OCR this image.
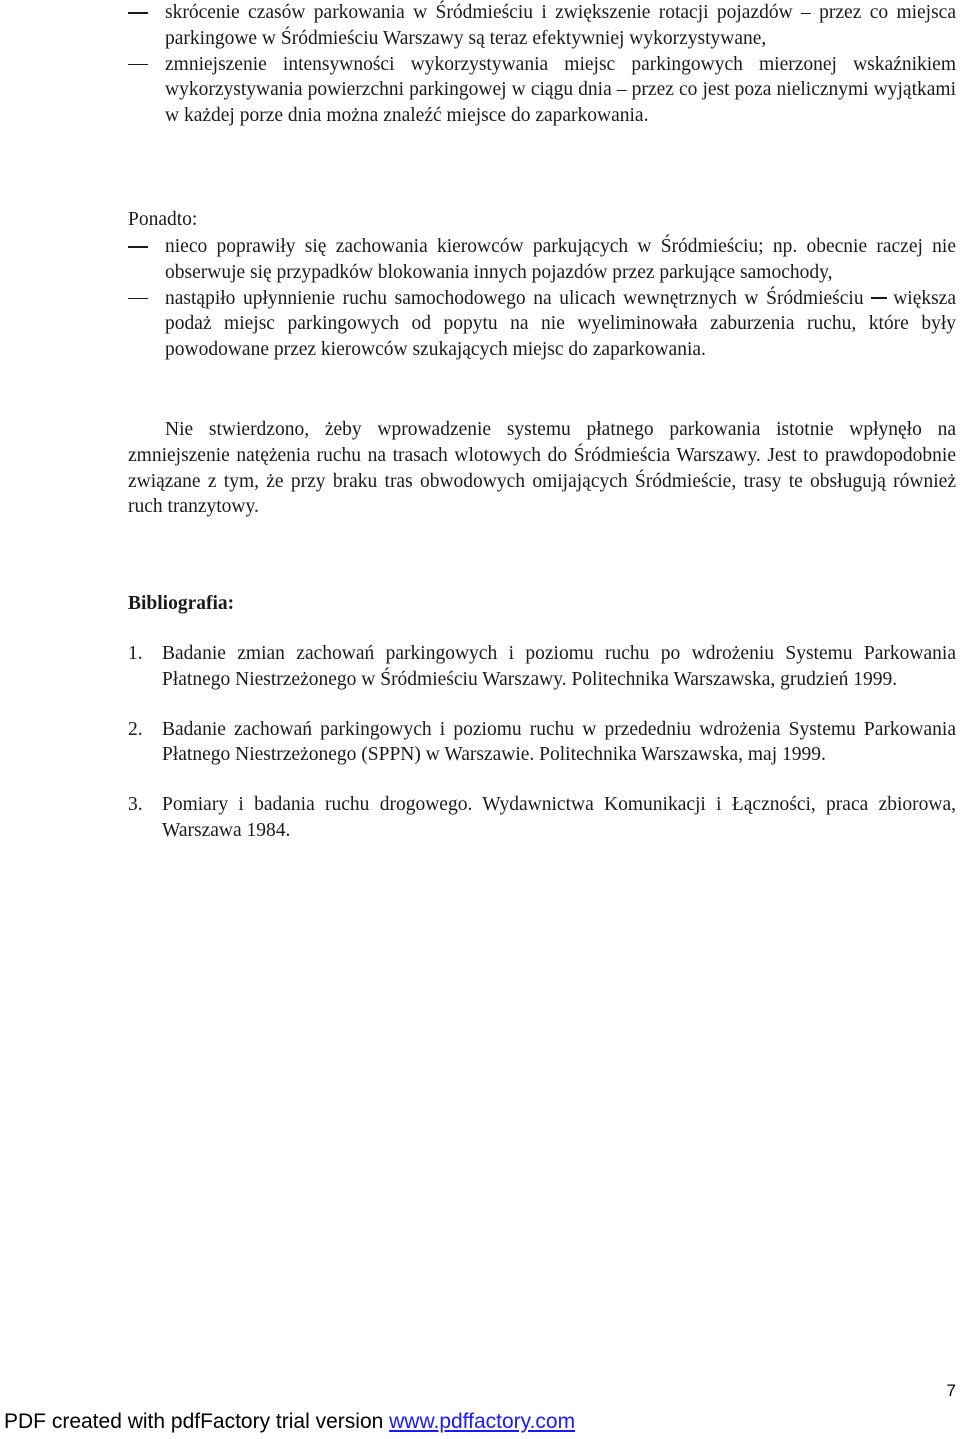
skrócenie czasów parkowania w Śródmieściu i zwiększenie rotacji pojazdów – przez co miejsca parkingowe w Śródmieściu Warszawy są teraz efektywniej wykorzystywane,
zmniejszenie intensywności wykorzystywania miejsc parkingowych mierzonej wskaźnikiem wykorzystywania powierzchni parkingowej w ciągu dnia – przez co jest poza nielicznymi wyjątkami w każdej porze dnia można znaleźć miejsce do zaparkowania.

Ponadto:

nieco poprawiły się zachowania kierowców parkujących w Śródmieściu; np. obecnie raczej nie obserwuje się przypadków blokowania innych pojazdów przez parkujące samochody,
nastąpiło upłynnienie ruchu samochodowego na ulicach wewnętrznych w Śródmieściu większa podaż miejsc parkingowych od popytu na nie wyeliminowała zaburzenia ruchu, które były powodowane przez kierowców szukających miejsc do zaparkowania.

Nie stwierdzono, żeby wprowadzenie systemu płatnego parkowania istotnie wpłynęło na zmniejszenie natężenia ruchu na trasach wlotowych do Śródmieścia Warszawy. Jest to prawdopodobnie związane z tym, że przy braku tras obwodowych omijających Śródmieście, trasy te obsługują również ruch tranzytowy.

Bibliografia:
1. Badanie zmian zachowań parkingowych i poziomu ruchu po wdrożeniu Systemu Parkowania Płatnego Niestrzeżonego w Śródmieściu Warszawy. Politechnika Warszawska, grudzień 1999.
2. Badanie zachowań parkingowych i poziomu ruchu w przededniu wdrożenia Systemu Parkowania Płatnego Niestrzeżonego (SPPN) w Warszawie. Politechnika Warszawska, maj 1999.
3. Pomiary i badania ruchu drogowego. Wydawnictwa Komunikacji i Łączności, praca zbiorowa, Warszawa 1984.
7
PDF created with pdfFactory trial version www.pdffactory.com
